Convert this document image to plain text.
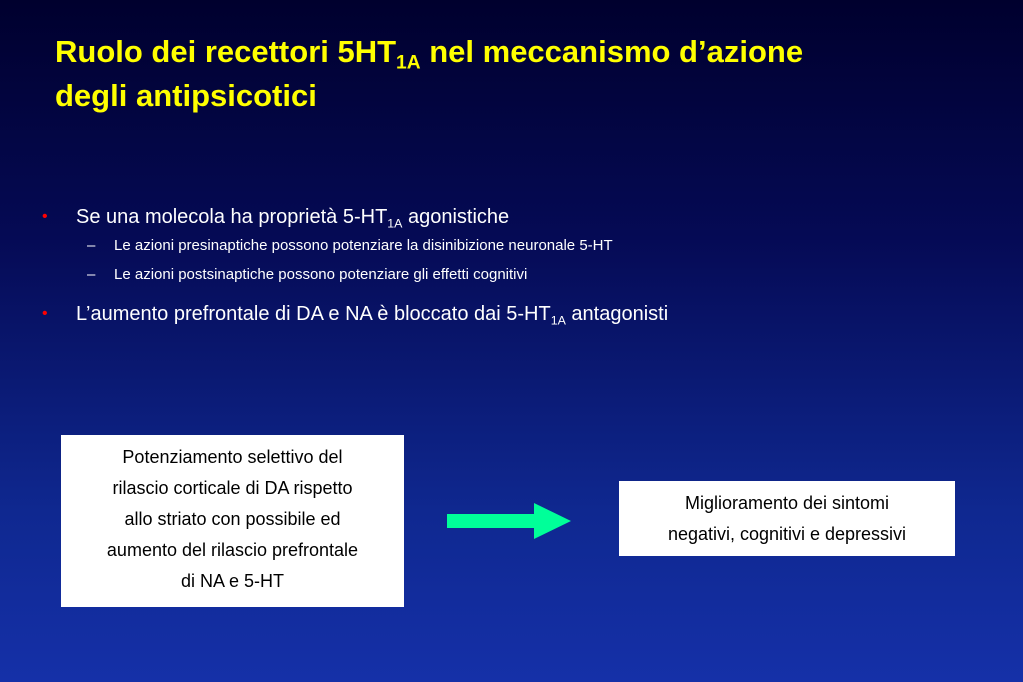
Ruolo dei recettori $5HT_{1A}$ nel meccanismo d’azione
degli antipsicotici
• Se una molecola ha proprietà $5-HT_{1A}$ agonistiche
– Le azioni presinaptiche possono potenziare la disinibizione neuronale 5-HT
– Le azioni postsinaptiche possono potenziare gli effetti cognitivi
• L’aumento prefrontale di DA e NA è bloccato dai $5-HT_{1A}$ antagonisti
Potenziamento selettivo del
rilascio corticale di DA rispetto
allo striato con possibile ed
aumento del rilascio prefrontale
di NA e 5-HT
Miglioramento dei sintomi
negativi, cognitivi e depressivi
